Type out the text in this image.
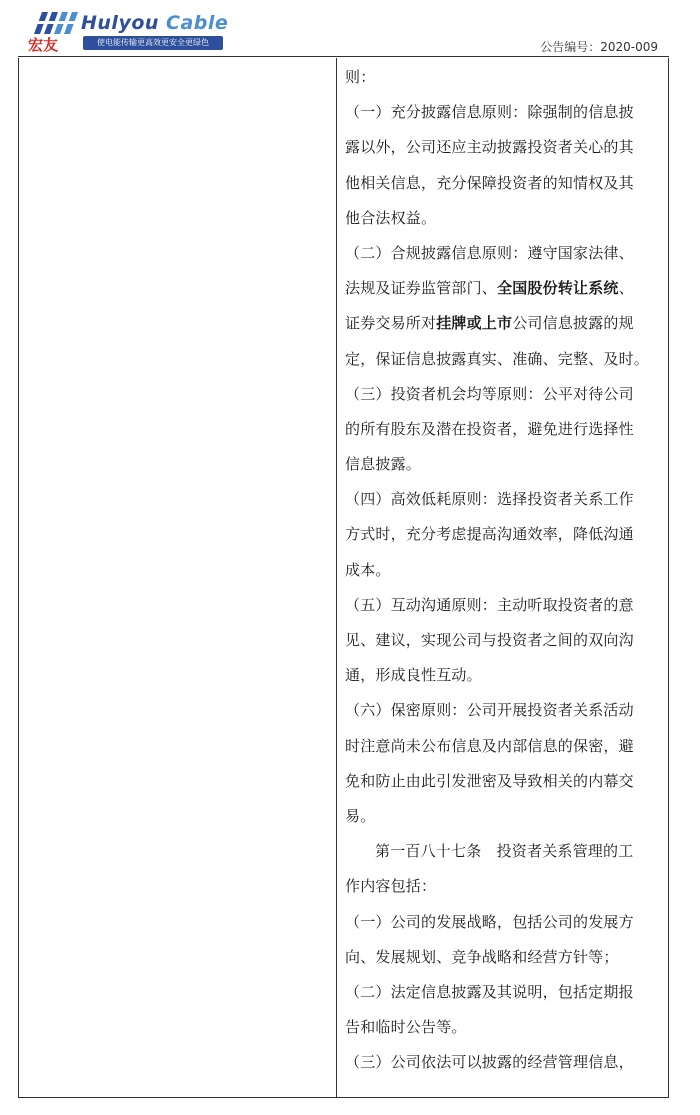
Hulyou Cable
宏友	使电能传输更高效更安全更绿色	公告编号：2020-009
则：
（一）充分披露信息原则：除强制的信息披
露以外，公司还应主动披露投资者关心的其
他相关信息，充分保障投资者的知情权及其
他合法权益。
（二）合规披露信息原则：遵守国家法律、
法规及证券监管部门、全国股份转让系统、
证券交易所对挂牌或上市公司信息披露的规
定，保证信息披露真实、准确、完整、及时。
（三）投资者机会均等原则：公平对待公司
的所有股东及潜在投资者，避免进行选择性
信息披露。
（四）高效低耗原则：选择投资者关系工作
方式时，充分考虑提高沟通效率，降低沟通
成本。
（五）互动沟通原则：主动听取投资者的意
见、建议，实现公司与投资者之间的双向沟
通，形成良性互动。
（六）保密原则：公司开展投资者关系活动
时注意尚未公布信息及内部信息的保密，避
免和防止由此引发泄密及导致相关的内幕交
易。
第一百八十七条　投资者关系管理的工
作内容包括：
（一）公司的发展战略，包括公司的发展方
向、发展规划、竞争战略和经营方针等；
（二）法定信息披露及其说明，包括定期报
告和临时公告等。
（三）公司依法可以披露的经营管理信息，
